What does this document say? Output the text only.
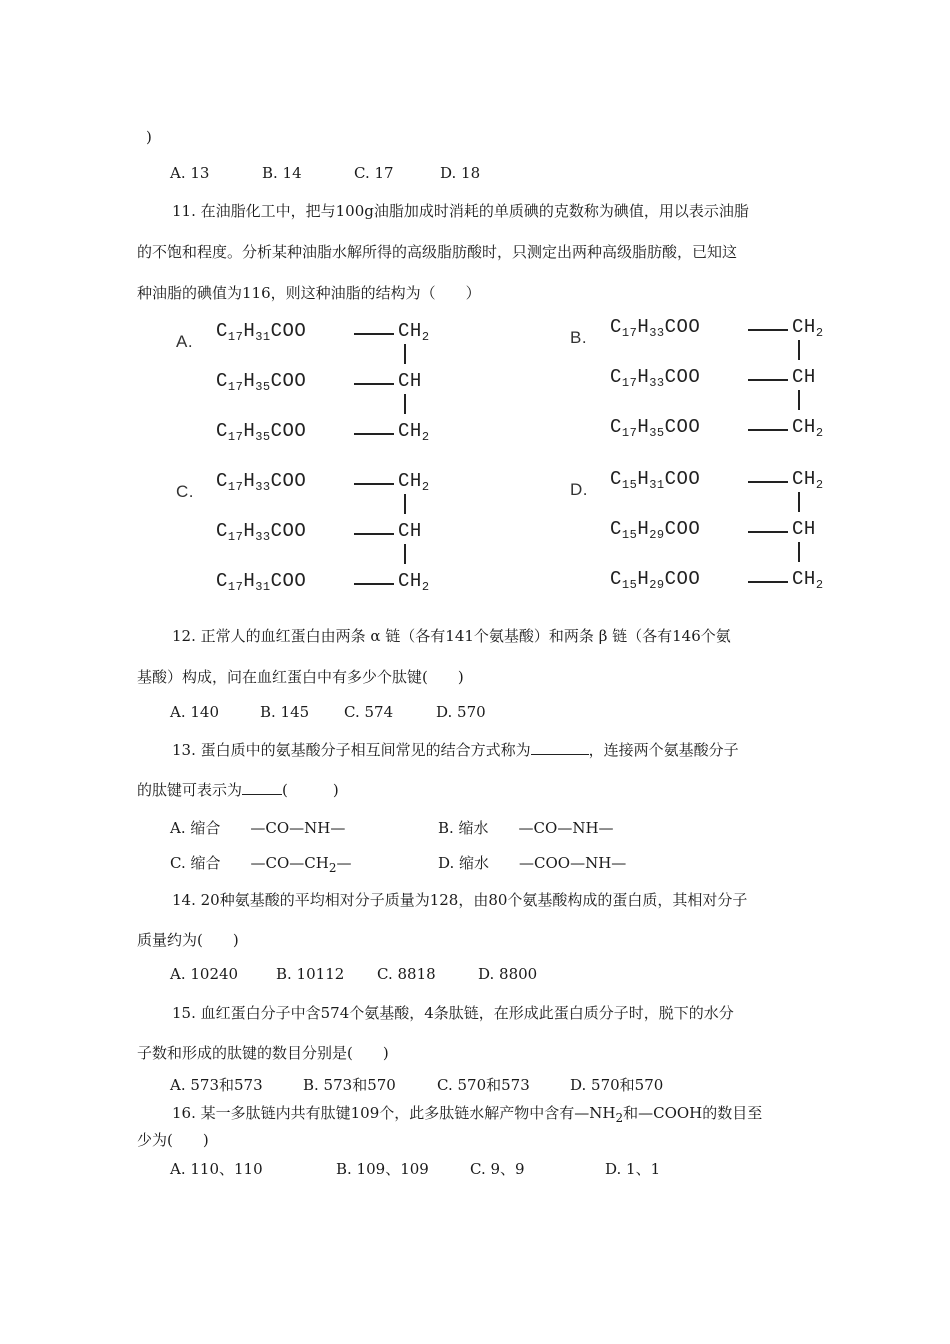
)
A. 13	B. 14	C. 17	D. 18
11. 在油脂化工中，把与100g油脂加成时消耗的单质碘的克数称为碘值，用以表示油脂
的不饱和程度。分析某种油脂水解所得的高级脂肪酸时，只测定出两种高级脂肪酸，已知这
种油脂的碘值为116，则这种油脂的结构为（　　）
A. $C_{17}H_{31}COO$	$CH_2$
$C_{17}H_{35}COO$	CH
$C_{17}H_{35}COO$	$CH_2$
B. $C_{17}H_{33}COO$	$CH_2$
$C_{17}H_{33}COO$	CH
$C_{17}H_{35}COO$	$CH_2$
C. $C_{17}H_{33}COO$	$CH_2$
$C_{17}H_{33}COO$	CH
$C_{17}H_{31}COO$	$CH_2$
D. $C_{15}H_{31}COO$	$CH_2$
$C_{15}H_{29}COO$	CH
$C_{15}H_{29}COO$	$CH_2$
12. 正常人的血红蛋白由两条 α 链（各有141个氨基酸）和两条 β 链（各有146个氨
基酸）构成，问在血红蛋白中有多少个肽键(　　)
A. 140	B. 145 C. 574	D. 570
13. 蛋白质中的氨基酸分子相互间常见的结合方式称为	，连接两个氨基酸分子
的肽键可表示为	(　　　)
A. 缩合　　—CO—NH—	B. 缩水　　—CO—NH—
C. 缩合　　$—CO—CH_2—$	D. 缩水　　—COO—NH—
14. 20种氨基酸的平均相对分子质量为128，由80个氨基酸构成的蛋白质，其相对分子
质量约为(　　)
A. 10240	B. 10112 C. 8818	D. 8800
15. 血红蛋白分子中含574个氨基酸，4条肽链，在形成此蛋白质分子时，脱下的水分
子数和形成的肽键的数目分别是(　　)
A. 573和573	B. 573和570	C. 570和573	D. 570和570
16. 某一多肽链内共有肽键109个，此多肽链水解产物中含有$—NH_2$和—COOH的数目至
少为(　　)
A. 110、110	B. 109、109	C. 9、9	D. 1、1
